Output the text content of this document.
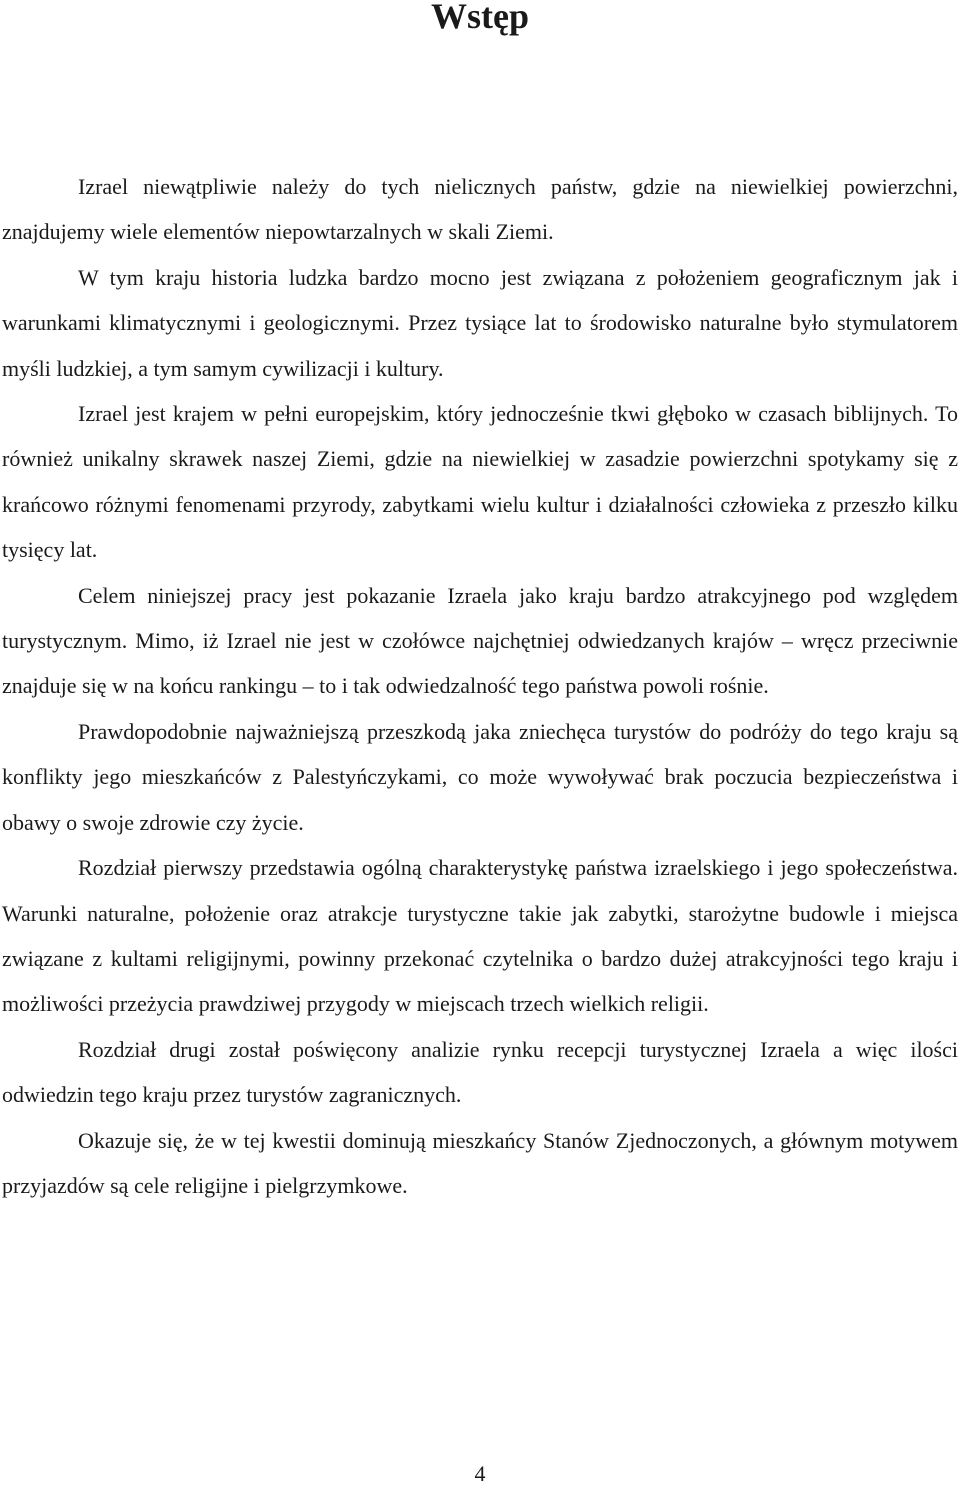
Wstęp

Izrael niewątpliwie należy do tych nielicznych państw, gdzie na niewielkiej powierzchni, znajdujemy wiele elementów niepowtarzalnych w skali Ziemi.

W tym kraju historia ludzka bardzo mocno jest związana z położeniem geograficznym jak i warunkami klimatycznymi i geologicznymi. Przez tysiące lat to środowisko naturalne było stymulatorem myśli ludzkiej, a tym samym cywilizacji i kultury.

Izrael jest krajem w pełni europejskim, który jednocześnie tkwi głęboko w czasach biblijnych. To również unikalny skrawek naszej Ziemi, gdzie na niewielkiej w zasadzie powierzchni spotykamy się z krańcowo różnymi fenomenami przyrody, zabytkami wielu kultur i działalności człowieka z przeszło kilku tysięcy lat.

Celem niniejszej pracy jest pokazanie Izraela jako kraju bardzo atrakcyjnego pod względem turystycznym. Mimo, iż Izrael nie jest w czołówce najchętniej odwiedzanych krajów – wręcz przeciwnie znajduje się w na końcu rankingu – to i tak odwiedzalność tego państwa powoli rośnie.

Prawdopodobnie najważniejszą przeszkodą jaka zniechęca turystów do podróży do tego kraju są konflikty jego mieszkańców z Palestyńczykami, co może wywoływać brak poczucia bezpieczeństwa i obawy o swoje zdrowie czy życie.

Rozdział pierwszy przedstawia ogólną charakterystykę państwa izraelskiego i jego społeczeństwa. Warunki naturalne, położenie oraz atrakcje turystyczne takie jak zabytki, starożytne budowle i miejsca związane z kultami religijnymi, powinny przekonać czytelnika o bardzo dużej atrakcyjności tego kraju i możliwości przeżycia prawdziwej przygody w miejscach trzech wielkich religii.

Rozdział drugi został poświęcony analizie rynku recepcji turystycznej Izraela a więc ilości odwiedzin tego kraju przez turystów zagranicznych.

Okazuje się, że w tej kwestii dominują mieszkańcy Stanów Zjednoczonych, a głównym motywem przyjazdów są cele religijne i pielgrzymkowe.

4
